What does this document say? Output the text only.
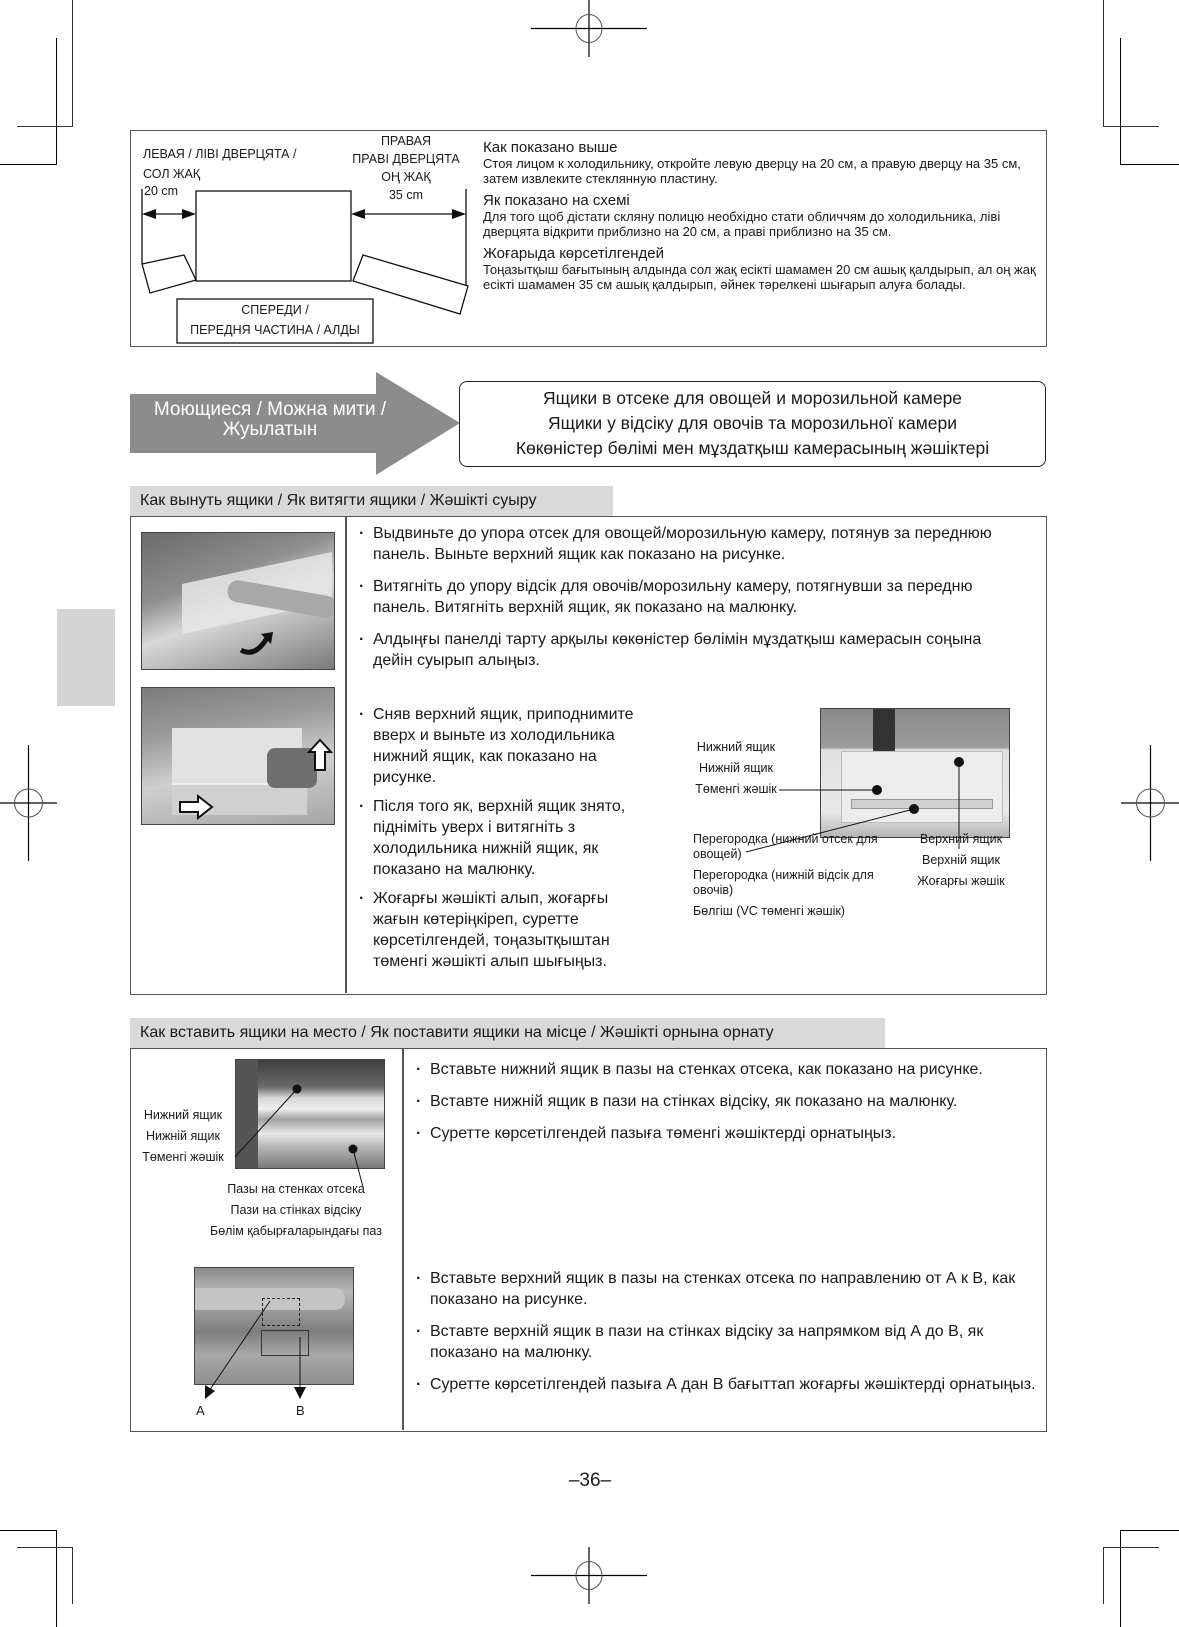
ЛЕВАЯ / ЛІВІ ДВЕРЦЯТА /
СОЛ ЖАҚ
20 cm
ПРАВАЯ
ПРАВІ ДВЕРЦЯТА
ОҢ ЖАҚ
35 cm
СПЕРЕДИ /
ПЕРЕДНЯ ЧАСТИНА / АЛДЫ
Как показано выше
Стоя лицом к холодильнику, откройте левую дверцу на 20 см, а правую дверцу на 35 см, затем извлеките стеклянную пластину.
Як показано на схемі
Для того щоб дістати скляну полицю необхідно стати обличчям до холодильника, ліві дверцята відкрити приблизно на 20 см, а праві приблизно на 35 см.
Жоғарыда көрсетілгендей
Тоңазытқыш бағытының алдында сол жақ есікті шамамен 20 см ашық қалдырып, ал оң жақ есікті шамамен 35 см ашық қалдырып, әйнек тәрелкені шығарып алуға болады.
Моющиеся / Можна мити /
Жуылатын
Ящики в отсеке для овощей и морозильной камере
Ящики у відсіку для овочів та морозильної камери
Көкөністер бөлімі мен мұздатқыш камерасының жәшіктері
Как вынуть ящики / Як витягти ящики / Жәшікті суыру
· Выдвиньте до упора отсек для овощей/морозильную камеру, потянув за переднюю панель. Выньте верхний ящик как показано на рисунке.
· Витягніть до упору відсік для овочів/морозильну камеру, потягнувши за передню панель. Витягніть верхній ящик, як показано на малюнку.
· Алдыңғы панелді тарту арқылы көкөністер бөлімін мұздатқыш камерасын соңына дейін суырып алыңыз.
· Сняв верхний ящик, приподнимите вверх и выньте из холодильника нижний ящик, как показано на рисунке.
· Після того як, верхній ящик знято, підніміть уверх і витягніть з холодильника нижній ящик, як показано на малюнку.
· Жоғарғы жәшікті алып, жоғарғы жағын көтеріңкіреп, суретте көрсетілгендей, тоңазытқыштан төменгі жәшікті алып шығыңыз.
Нижний ящик
Нижній ящик
Төменгі жәшік
Перегородка (нижний отсек для овощей)
Перегородка (нижній відсік для овочів)
Бөлгіш (VC төменгі жәшік)
Верхний ящик
Верхній ящик
Жоғарғы жәшік
Как вставить ящики на место / Як поставити ящики на місце / Жәшікті орнына орнату
Нижний ящик
Нижній ящик
Төменгі жәшік
Пазы на стенках отсека
Пази на стінках відсіку
Бөлім қабырғаларындағы паз
A	B
· Вставьте нижний ящик в пазы на стенках отсека, как показано на рисунке.
· Вставте нижній ящик в пази на стінках відсіку, як показано на малюнку.
· Суретте көрсетілгендей пазыға төменгі жәшіктерді орнатыңыз.
· Вставьте верхний ящик в пазы на стенках отсека по направлению от А к В, как показано на рисунке.
· Вставте верхній ящик в пази на стінках відсіку за напрямком від А до В, як показано на малюнку.
· Суретте көрсетілгендей пазыға А дан В бағыттап жоғарғы жәшіктерді орнатыңыз.
–36–
